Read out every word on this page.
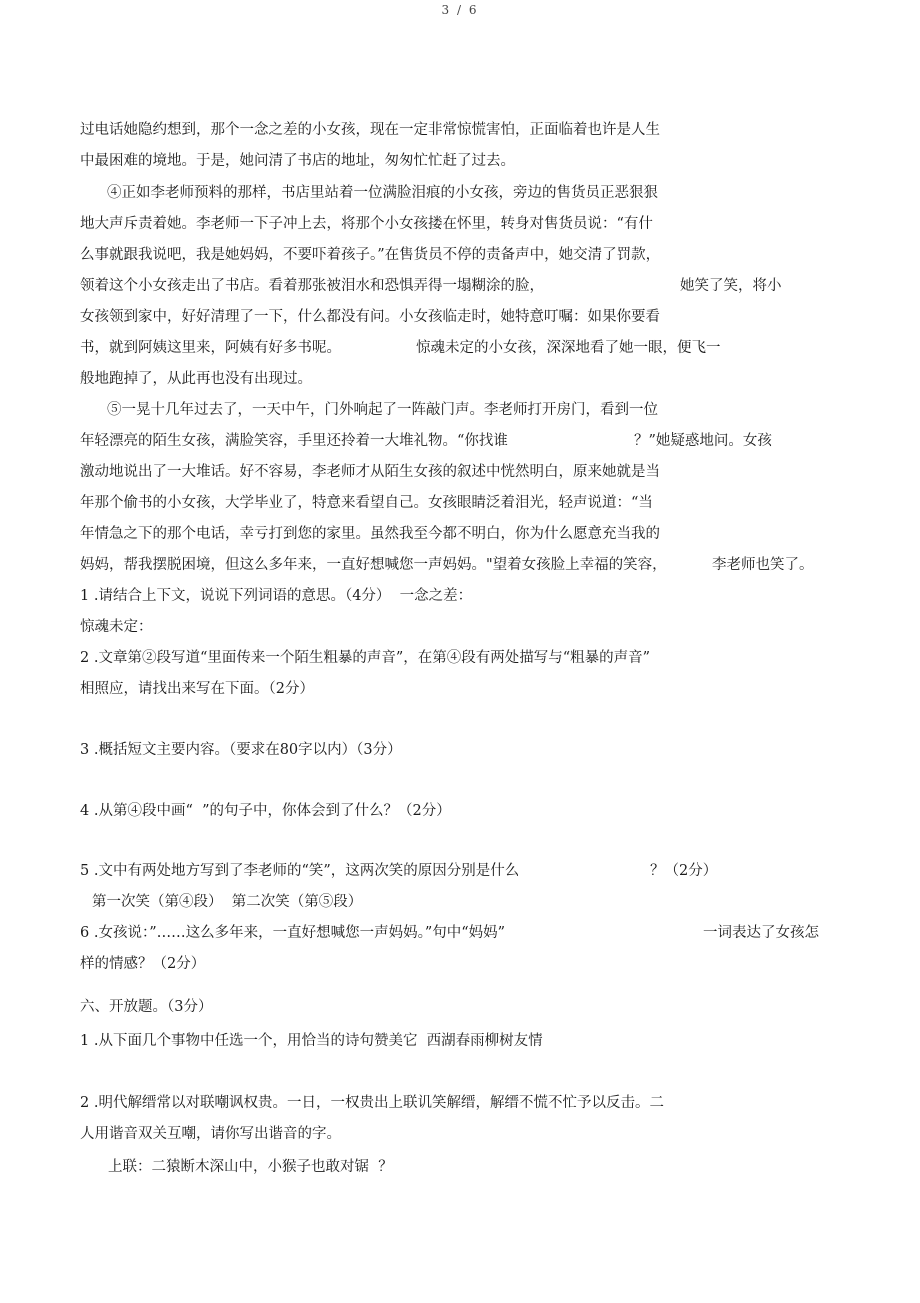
3 / 6
过电话她隐约想到，那个一念之差的小女孩，现在一定非常惊慌害怕，正面临着也许是人生
中最困难的境地。于是，她问清了书店的地址，匆匆忙忙赶了过去。
④正如李老师预料的那样，书店里站着一位满脸泪痕的小女孩，旁边的售货员正恶狠狠
地大声斥责着她。李老师一下子冲上去，将那个小女孩搂在怀里，转身对售货员说：“有什
么事就跟我说吧，我是她妈妈，不要吓着孩子。”在售货员不停的责备声中，她交清了罚款，
领着这个小女孩走出了书店。看着那张被泪水和恐惧弄得一塌糊涂的脸，	她笑了笑，将小
女孩领到家中，好好清理了一下，什么都没有问。小女孩临走时，她特意叮嘱：如果你要看
书，就到阿姨这里来，阿姨有好多书呢。	惊魂未定的小女孩，深深地看了她一眼，便飞一
般地跑掉了，从此再也没有出现过。
⑤一晃十几年过去了，一天中午，门外响起了一阵敲门声。李老师打开房门，看到一位
年轻漂亮的陌生女孩，满脸笑容，手里还拎着一大堆礼物。“你找谁	？”她疑惑地问。女孩
激动地说出了一大堆话。好不容易，李老师才从陌生女孩的叙述中恍然明白，原来她就是当
年那个偷书的小女孩，大学毕业了，特意来看望自己。女孩眼睛泛着泪光，轻声说道：“当
年情急之下的那个电话，幸亏打到您的家里。虽然我至今都不明白，你为什么愿意充当我的
妈妈，帮我摆脱困境，但这么多年来，一直好想喊您一声妈妈。"望着女孩脸上幸福的笑容，	李老师也笑了。
1 .请结合上下文，说说下列词语的意思。（4分）  一念之差：
惊魂未定：
2 .文章第②段写道“里面传来一个陌生粗暴的声音”，在第④段有两处描写与“粗暴的声音”
相照应，请找出来写在下面。（2分）
3 .概括短文主要内容。（要求在80字以内）（3分）
4 .从第④段中画“  ”的句子中，你体会到了什么？（2分）
5 .文中有两处地方写到了李老师的“笑”，这两次笑的原因分别是什么	？（2分）
第一次笑（第④段）  第二次笑（第⑤段）
6 .女孩说：”……这么多年来，一直好想喊您一声妈妈。”句中“妈妈”	一词表达了女孩怎
样的情感？（2分）
六、开放题。（3分）
1 .从下面几个事物中任选一个，用恰当的诗句赞美它  西湖春雨柳树友情
2 .明代解缙常以对联嘲讽权贵。一日，一权贵出上联讥笑解缙，解缙不慌不忙予以反击。二
人用谐音双关互嘲，请你写出谐音的字。
上联：二猿断木深山中，小猴子也敢对锯  ？
